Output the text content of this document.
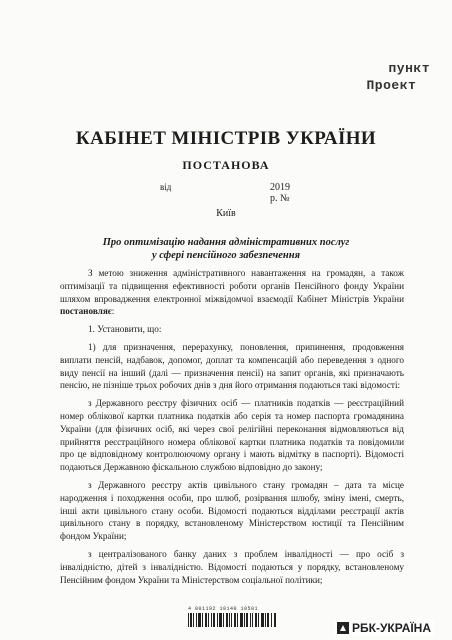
пункт
Проект
КАБІНЕТ МІНІСТРІВ УКРАЇНИ
ПОСТАНОВА
від	2019 р. №
Київ
Про оптимізацію надання адміністративних послуг
у сфері пенсійного забезпечення

З метою зниження адміністративного навантаження на громадян, а також оптимізації та підвищення ефективності роботи органів Пенсійного фонду України шляхом впровадження електронної міжвідомчої взаємодії Кабінет Міністрів України постановляє:

1. Установити, що:

1) для призначення, перерахунку, поновлення, припинення, продовження виплати пенсій, надбавок, допомог, доплат та компенсацій або переведення з одного виду пенсії на інший (далі — призначення пенсії) на запит органів, які призначають пенсію, не пізніше трьох робочих днів з дня його отримання подаються такі відомості:

з Державного реєстру фізичних осіб — платників податків — реєстраційний номер облікової картки платника податків або серія та номер паспорта громадянина України (для фізичних осіб, які через свої релігійні переконання відмовляються від прийняття реєстраційного номера облікової картки платника податків та повідомили про це відповідному контролюючому органу і мають відмітку в паспорті). Відомості подаються Державною фіскальною службою відповідно до закону;

з Державного реєстру актів цивільного стану громадян – дата та місце народження і походження особи, про шлюб, розірвання шлюбу, зміну імені, смерть, інші акти цивільного стану особи. Відомості подаються відділами реєстрації актів цивільного стану в порядку, встановленому Міністерством юстиції та Пенсійним фондом України;

з централізованого банку даних з проблем інвалідності — про осіб з інвалідністю, дітей з інвалідністю. Відомості подаються у порядку, встановленому Пенсійним фондом України та Міністерством соціальної політики;

4 001192 10140 10501
РБК-УКРАЇНА
